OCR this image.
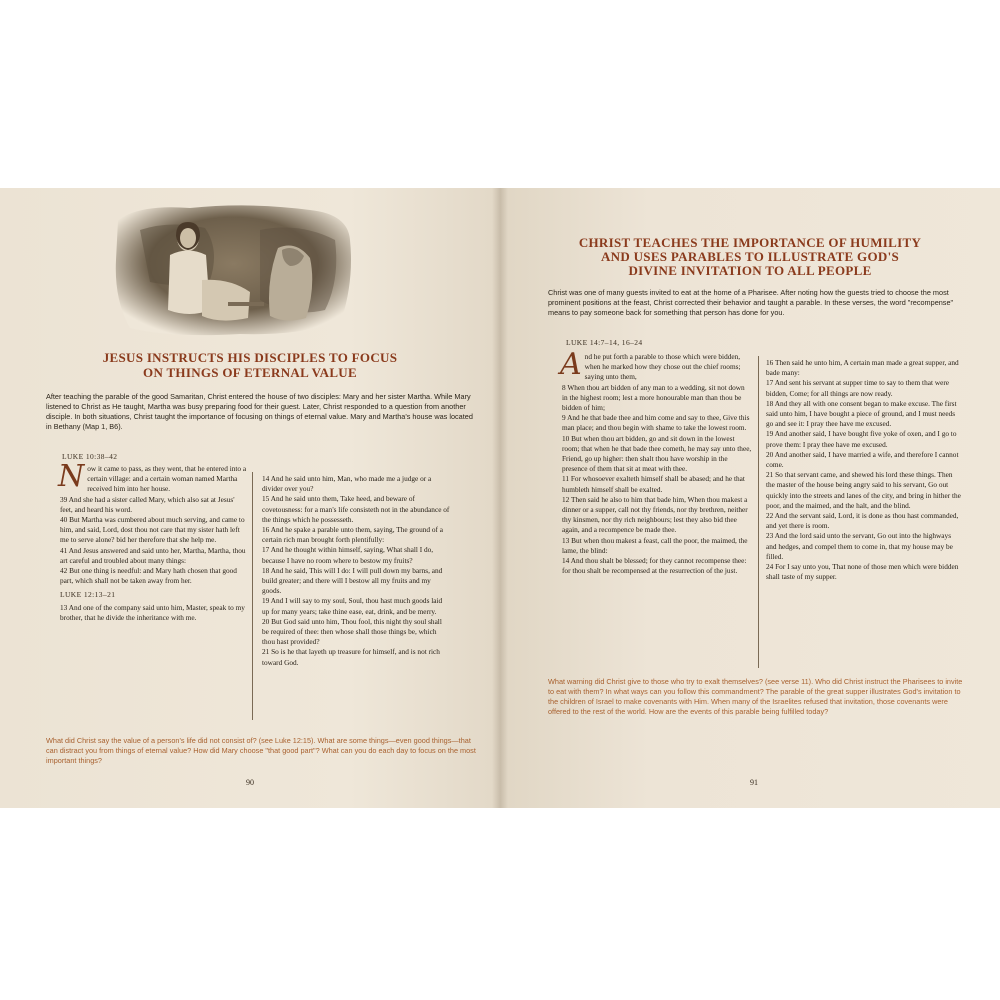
JESUS INSTRUCTS HIS DISCIPLES TO FOCUS
ON THINGS OF ETERNAL VALUE
After teaching the parable of the good Samaritan, Christ entered the house of two disciples: Mary and her sister Martha. While Mary listened to Christ as He taught, Martha was busy preparing food for their guest. Later, Christ responded to a question from another disciple. In both situations, Christ taught the importance of focusing on things of eternal value. Mary and Martha's house was located in Bethany (Map 1, B6).
LUKE 10:38–42

Now it came to pass, as they went, that he entered into a certain village: and a certain woman named Martha received him into her house.

39 And she had a sister called Mary, which also sat at Jesus' feet, and heard his word.

40 But Martha was cumbered about much serving, and came to him, and said, Lord, dost thou not care that my sister hath left me to serve alone? bid her therefore that she help me.

41 And Jesus answered and said unto her, Martha, Martha, thou art careful and troubled about many things:

42 But one thing is needful: and Mary hath chosen that good part, which shall not be taken away from her.

LUKE 12:13–21

13 And one of the company said unto him, Master, speak to my brother, that he divide the inheritance with me.

14 And he said unto him, Man, who made me a judge or a divider over you?

15 And he said unto them, Take heed, and beware of covetousness: for a man's life consisteth not in the abundance of the things which he possesseth.

16 And he spake a parable unto them, saying, The ground of a certain rich man brought forth plentifully:

17 And he thought within himself, saying, What shall I do, because I have no room where to bestow my fruits?

18 And he said, This will I do: I will pull down my barns, and build greater; and there will I bestow all my fruits and my goods.

19 And I will say to my soul, Soul, thou hast much goods laid up for many years; take thine ease, eat, drink, and be merry.

20 But God said unto him, Thou fool, this night thy soul shall be required of thee: then whose shall those things be, which thou hast provided?

21 So is he that layeth up treasure for himself, and is not rich toward God.

What did Christ say the value of a person's life did not consist of? (see Luke 12:15). What are some things—even good things—that can distract you from things of eternal value? How did Mary choose "that good part"? What can you do each day to focus on the most important things?
90
CHRIST TEACHES THE IMPORTANCE OF HUMILITY
AND USES PARABLES TO ILLUSTRATE GOD'S
DIVINE INVITATION TO ALL PEOPLE
Christ was one of many guests invited to eat at the home of a Pharisee. After noting how the guests tried to choose the most prominent positions at the feast, Christ corrected their behavior and taught a parable. In these verses, the word "recompense" means to pay someone back for something that person has done for you.
LUKE 14:7–14, 16–24

And he put forth a parable to those which were bidden, when he marked how they chose out the chief rooms; saying unto them,

8 When thou art bidden of any man to a wedding, sit not down in the highest room; lest a more honourable man than thou be bidden of him;

9 And he that bade thee and him come and say to thee, Give this man place; and thou begin with shame to take the lowest room.

10 But when thou art bidden, go and sit down in the lowest room; that when he that bade thee cometh, he may say unto thee, Friend, go up higher: then shalt thou have worship in the presence of them that sit at meat with thee.

11 For whosoever exalteth himself shall be abased; and he that humbleth himself shall be exalted.

12 Then said he also to him that bade him, When thou makest a dinner or a supper, call not thy friends, nor thy brethren, neither thy kinsmen, nor thy rich neighbours; lest they also bid thee again, and a recompence be made thee.

13 But when thou makest a feast, call the poor, the maimed, the lame, the blind:

14 And thou shalt be blessed; for they cannot recompense thee: for thou shalt be recompensed at the resurrection of the just.

16 Then said he unto him, A certain man made a great supper, and bade many:

17 And sent his servant at supper time to say to them that were bidden, Come; for all things are now ready.

18 And they all with one consent began to make excuse. The first said unto him, I have bought a piece of ground, and I must needs go and see it: I pray thee have me excused.

19 And another said, I have bought five yoke of oxen, and I go to prove them: I pray thee have me excused.

20 And another said, I have married a wife, and therefore I cannot come.

21 So that servant came, and shewed his lord these things. Then the master of the house being angry said to his servant, Go out quickly into the streets and lanes of the city, and bring in hither the poor, and the maimed, and the halt, and the blind.

22 And the servant said, Lord, it is done as thou hast commanded, and yet there is room.

23 And the lord said unto the servant, Go out into the highways and hedges, and compel them to come in, that my house may be filled.

24 For I say unto you, That none of those men which were bidden shall taste of my supper.

What warning did Christ give to those who try to exalt themselves? (see verse 11). Who did Christ instruct the Pharisees to invite to eat with them? In what ways can you follow this commandment? The parable of the great supper illustrates God's invitation to the children of Israel to make covenants with Him. When many of the Israelites refused that invitation, those covenants were offered to the rest of the world. How are the events of this parable being fulfilled today?
91
